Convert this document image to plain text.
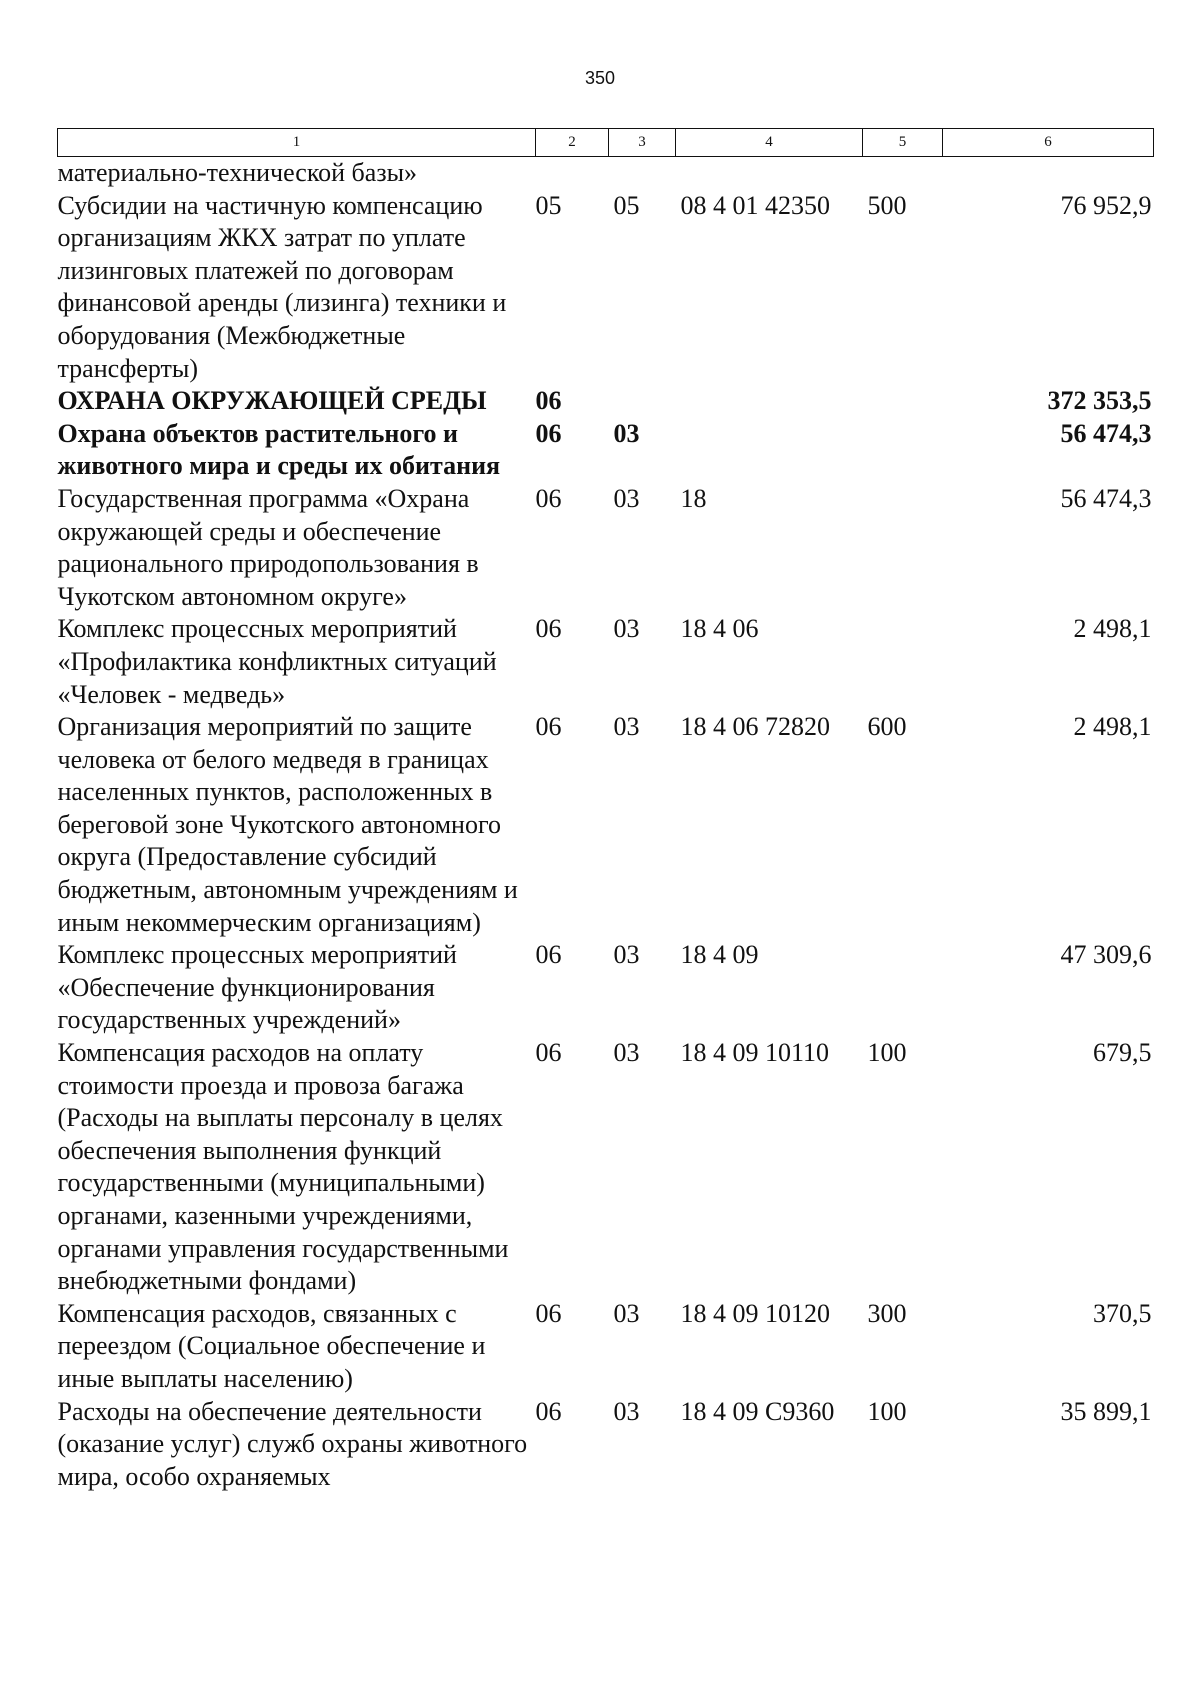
350
1	2	3	4	5	6
материально-технической базы»					
Субсидии на частичную компенсацию организациям ЖКХ затрат по уплате лизинговых платежей по договорам финансовой аренды (лизинга) техники и оборудования (Межбюджетные трансферты)	05	05	08 4 01 42350	500	76 952,9
ОХРАНА ОКРУЖАЮЩЕЙ СРЕДЫ	06				372 353,5
Охрана объектов растительного и животного мира и среды их обитания	06	03			56 474,3
Государственная программа «Охрана окружающей среды и обеспечение рационального природопользования в Чукотском автономном округе»	06	03	18		56 474,3
Комплекс процессных мероприятий «Профилактика конфликтных ситуаций «Человек - медведь»	06	03	18 4 06		2 498,1
Организация мероприятий по защите человека от белого медведя в границах населенных пунктов, расположенных в береговой зоне Чукотского автономного округа (Предоставление субсидий бюджетным, автономным учреждениям и иным некоммерческим организациям)	06	03	18 4 06 72820	600	2 498,1
Комплекс процессных мероприятий «Обеспечение функционирования государственных учреждений»	06	03	18 4 09		47 309,6
Компенсация расходов на оплату стоимости проезда и провоза багажа (Расходы на выплаты персоналу в целях обеспечения выполнения функций государственными (муниципальными) органами, казенными учреждениями, органами управления государственными внебюджетными фондами)	06	03	18 4 09 10110	100	679,5
Компенсация расходов, связанных с переездом (Социальное обеспечение и иные выплаты населению)	06	03	18 4 09 10120	300	370,5
Расходы на обеспечение деятельности (оказание услуг) служб охраны животного мира, особо охраняемых	06	03	18 4 09 С9360	100	35 899,1
